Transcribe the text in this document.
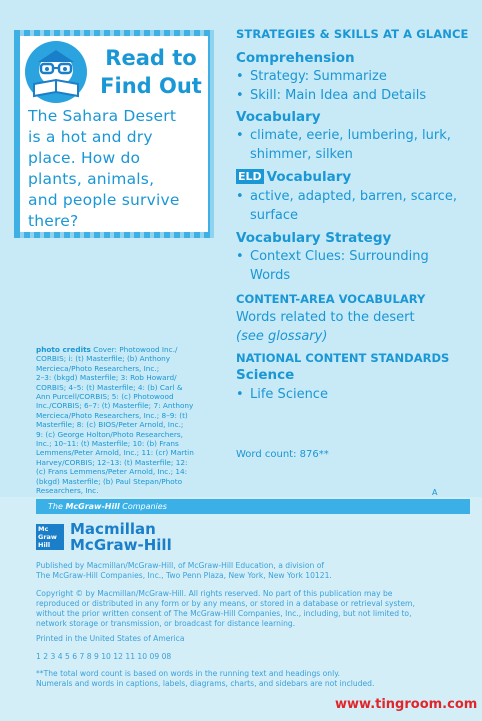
Read to
Find Out
The Sahara Desert
is a hot and dry
place. How do
plants, animals,
and people survive
there?
STRATEGIES & SKILLS AT A GLANCE
Comprehension
• Strategy: Summarize
• Skill: Main Idea and Details
Vocabulary
• climate, eerie, lumbering, lurk,
shimmer, silken
ELD Vocabulary
• active, adapted, barren, scarce,
surface
Vocabulary Strategy
• Context Clues: Surrounding
Words
CONTENT-AREA VOCABULARY
Words related to the desert
(see glossary)
NATIONAL CONTENT STANDARDS
Science
• Life Science
Word count: 876**
photo credits Cover: Photowood Inc./
CORBIS; i: (t) Masterfile; (b) Anthony
Mercieca/Photo Researchers, Inc.;
2–3: (bkgd) Masterfile; 3: Rob Howard/
CORBIS; 4–5: (t) Masterfile; 4: (b) Carl &
Ann Purcell/CORBIS; 5: (c) Photowood
Inc./CORBIS; 6–7: (t) Masterfile; 7: Anthony
Mercieca/Photo Researchers, Inc.; 8–9: (t)
Masterfile; 8: (c) BIOS/Peter Arnold, Inc.;
9: (c) George Holton/Photo Researchers,
Inc.; 10–11: (t) Masterfile; 10: (b) Frans
Lemmens/Peter Arnold, Inc.; 11: (cr) Martin
Harvey/CORBIS; 12–13: (t) Masterfile; 12:
(c) Frans Lemmens/Peter Arnold, Inc.; 14:
(bkgd) Masterfile; (b) Paul Stepan/Photo
Researchers, Inc.	A
The McGraw-Hill Companies
Mc
Graw
Hill
Macmillan
McGraw-Hill
Published by Macmillan/McGraw-Hill, of McGraw-Hill Education, a division of
The McGraw-Hill Companies, Inc., Two Penn Plaza, New York, New York 10121.
Copyright © by Macmillan/McGraw-Hill. All rights reserved. No part of this publication may be
reproduced or distributed in any form or by any means, or stored in a database or retrieval system,
without the prior written consent of The McGraw-Hill Companies, Inc., including, but not limited to,
network storage or transmission, or broadcast for distance learning.
Printed in the United States of America
1 2 3 4 5 6 7 8 9 10 12 11 10 09 08
**The total word count is based on words in the running text and headings only.
Numerals and words in captions, labels, diagrams, charts, and sidebars are not included.
www.tingroom.com
